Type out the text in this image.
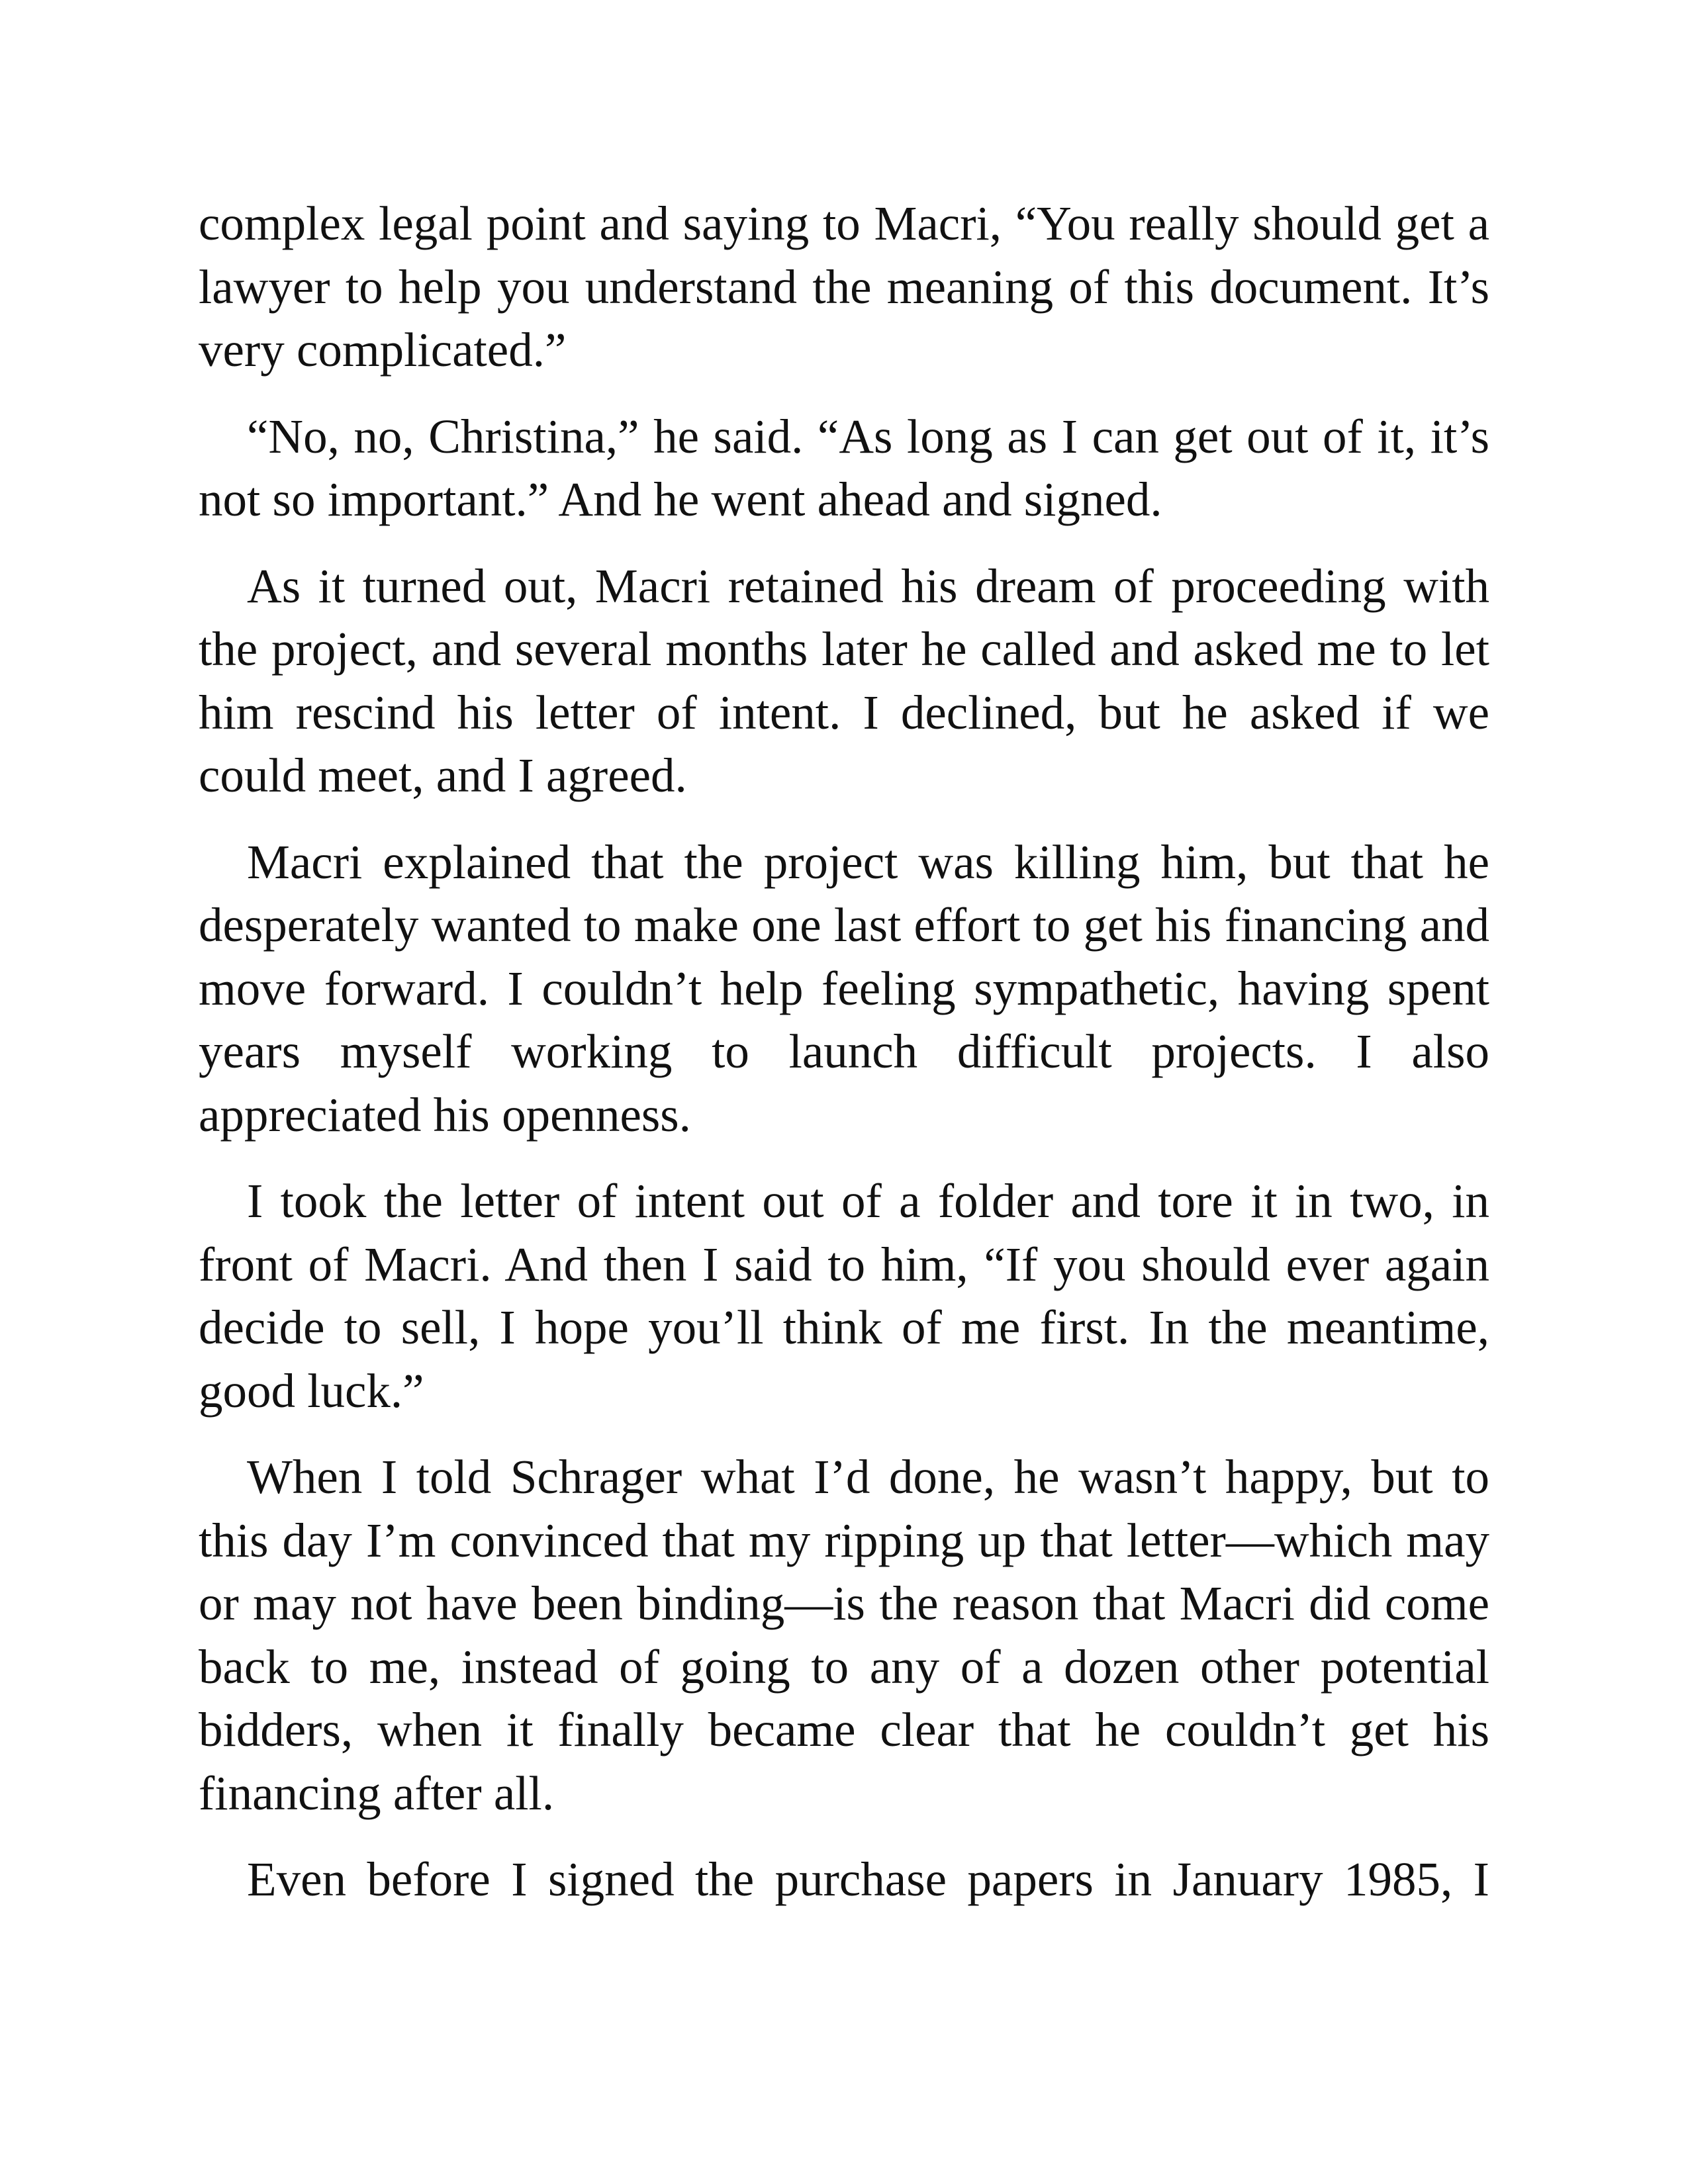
complex legal point and saying to Macri, “You really should get a lawyer to help you understand the meaning of this document. It’s very complicated.”

“No, no, Christina,” he said. “As long as I can get out of it, it’s not so important.” And he went ahead and signed.

As it turned out, Macri retained his dream of proceeding with the project, and several months later he called and asked me to let him rescind his letter of intent. I declined, but he asked if we could meet, and I agreed.

Macri explained that the project was killing him, but that he desperately wanted to make one last effort to get his financing and move forward. I couldn’t help feeling sympathetic, having spent years myself working to launch difficult projects. I also appreciated his openness.

I took the letter of intent out of a folder and tore it in two, in front of Macri. And then I said to him, “If you should ever again decide to sell, I hope you’ll think of me first. In the meantime, good luck.”

When I told Schrager what I’d done, he wasn’t happy, but to this day I’m convinced that my ripping up that letter—which may or may not have been binding—is the reason that Macri did come back to me, instead of going to any of a dozen other potential bidders, when it finally became clear that he couldn’t get his financing after all.

Even before I signed the purchase papers in January 1985, I
